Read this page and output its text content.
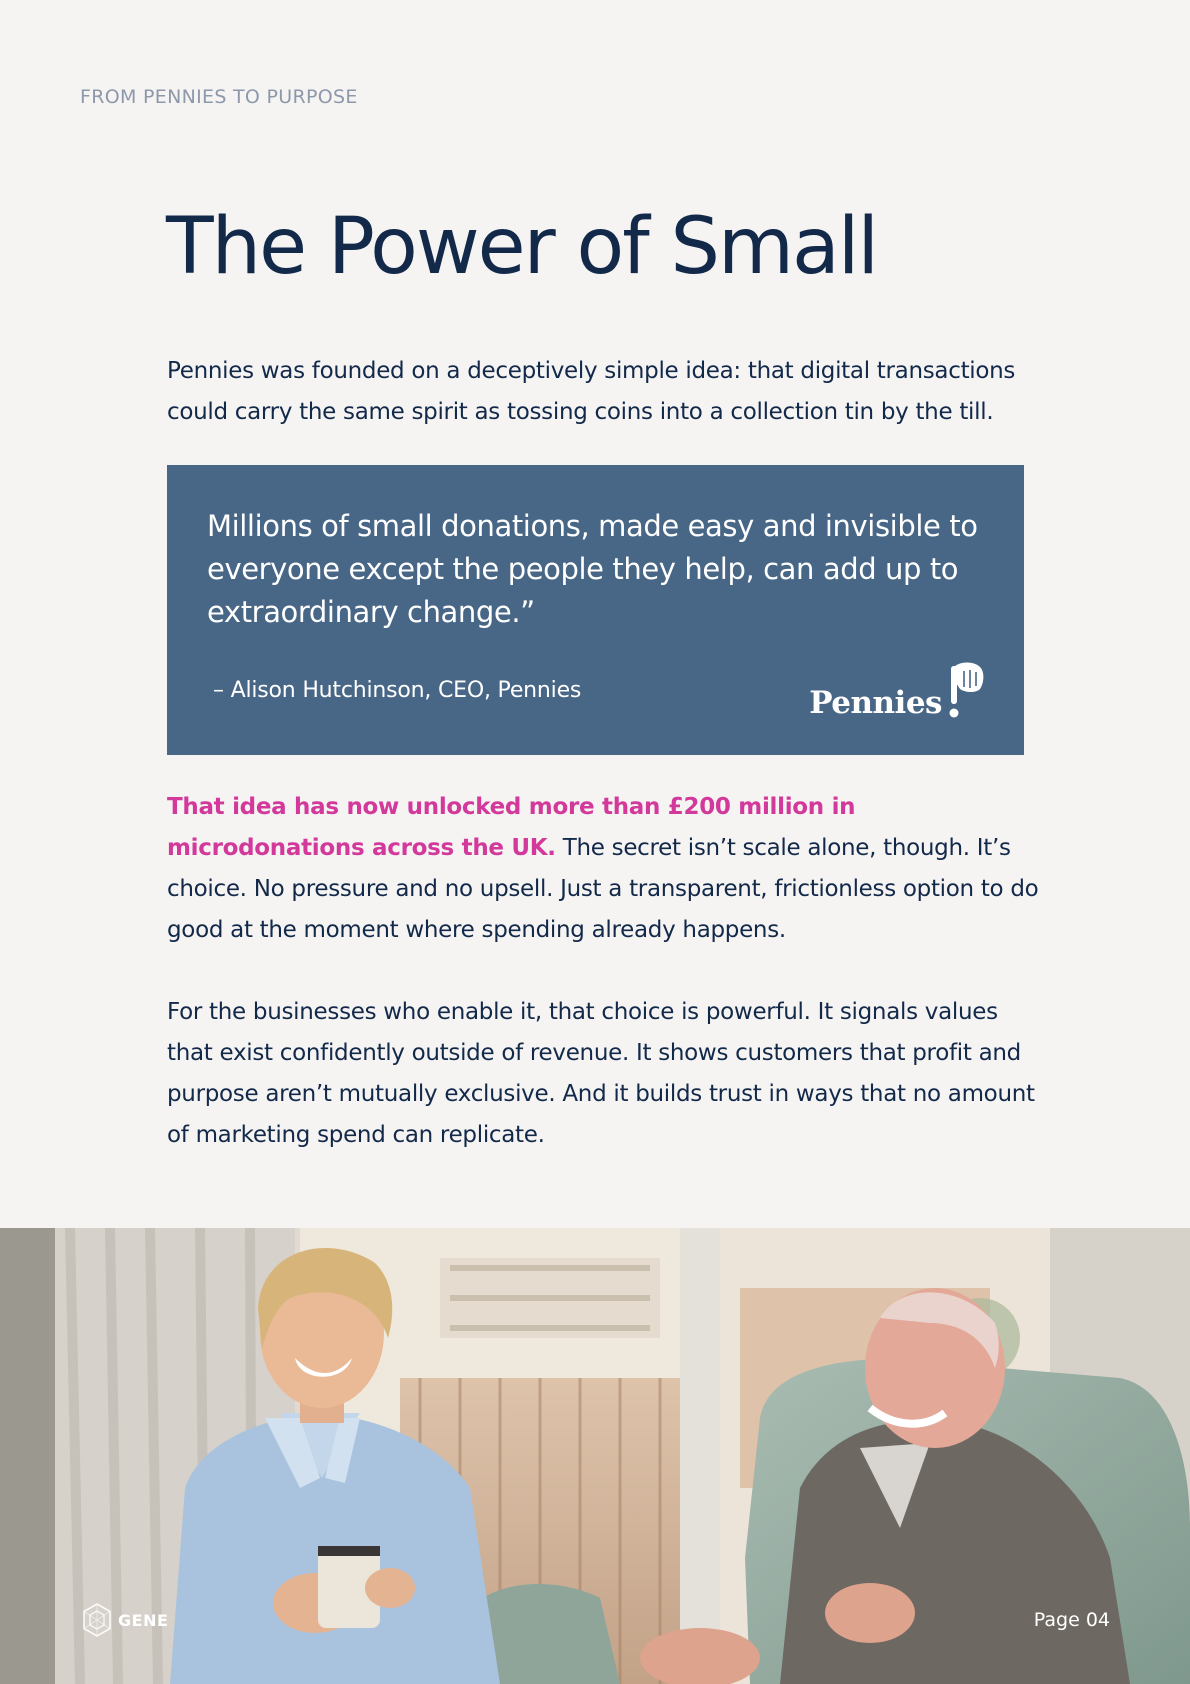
FROM PENNIES TO PURPOSE
The Power of Small

Pennies was founded on a deceptively simple idea: that digital transactions could carry the same spirit as tossing coins into a collection tin by the till.

Millions of small donations, made easy and invisible to everyone except the people they help, can add up to extraordinary change.”

– Alison Hutchinson, CEO, Pennies	Pennies

That idea has now unlocked more than £200 million in microdonations across the UK. The secret isn’t scale alone, though. It’s choice. No pressure and no upsell. Just a transparent, frictionless option to do good at the moment where spending already happens.

For the businesses who enable it, that choice is powerful. It signals values that exist confidently outside of revenue. It shows customers that profit and purpose aren’t mutually exclusive. And it builds trust in ways that no amount of marketing spend can replicate.

GENE	Page 04
